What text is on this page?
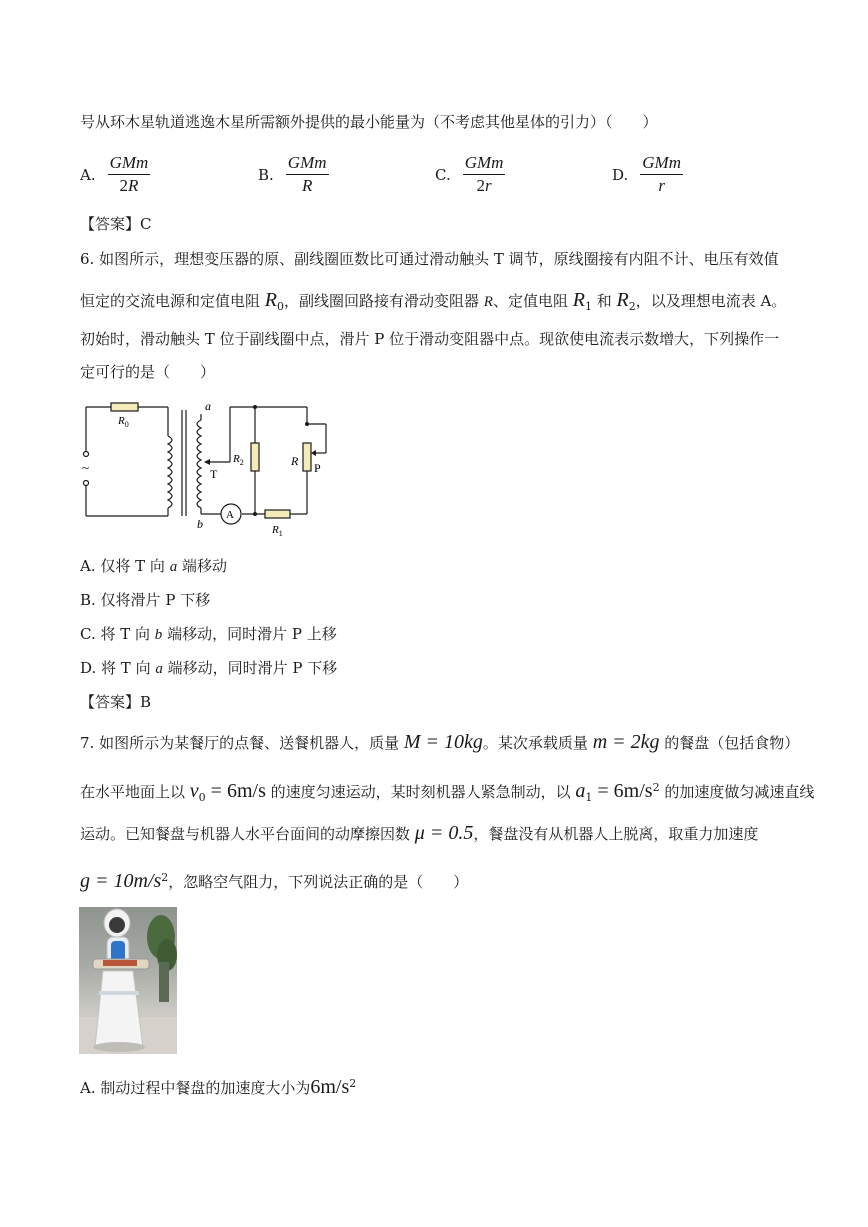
号从环木星轨道逃逸木星所需额外提供的最小能量为（不考虑其他星体的引力）（　　）
A. $\frac{\text{GMm}}{2R}$	B. $\frac{\text{GMm}}{R}$	C. $\frac{\text{GMm}}{2r}$	D. $\frac{\text{GMm}}{r}$
【答案】C
6. 如图所示，理想变压器的原、副线圈匝数比可通过滑动触头 T 调节，原线圈接有内阻不计、电压有效值
恒定的交流电源和定值电阻 $R_0$，副线圈回路接有滑动变阻器 R、定值电阻 $R_1$ 和 $R_2$，以及理想电流表 A。
初始时，滑动触头 T 位于副线圈中点，滑片 P 位于滑动变阻器中点。现欲使电流表示数增大，下列操作一
定可行的是（　　）
~
$R_0$
$R_2$	R P
T
a
b
A
$R_1$
A. 仅将 T 向 a 端移动
B. 仅将滑片 P 下移
C. 将 T 向 b 端移动，同时滑片 P 上移
D. 将 T 向 a 端移动，同时滑片 P 下移
【答案】B
7. 如图所示为某餐厅的点餐、送餐机器人，质量 M = 10kg。某次承载质量 m = 2kg 的餐盘（包括食物）
在水平地面上以 $v_0 = 6m/s$ 的速度匀速运动，某时刻机器人紧急制动，以 $a_1 = 6m/s^2$ 的加速度做匀减速直线
运动。已知餐盘与机器人水平台面间的动摩擦因数 μ = 0.5，餐盘没有从机器人上脱离，取重力加速度
$g = 10m/s^2$，忽略空气阻力，下列说法正确的是（　　）
A. 制动过程中餐盘的加速度大小为$6m/s^2$
